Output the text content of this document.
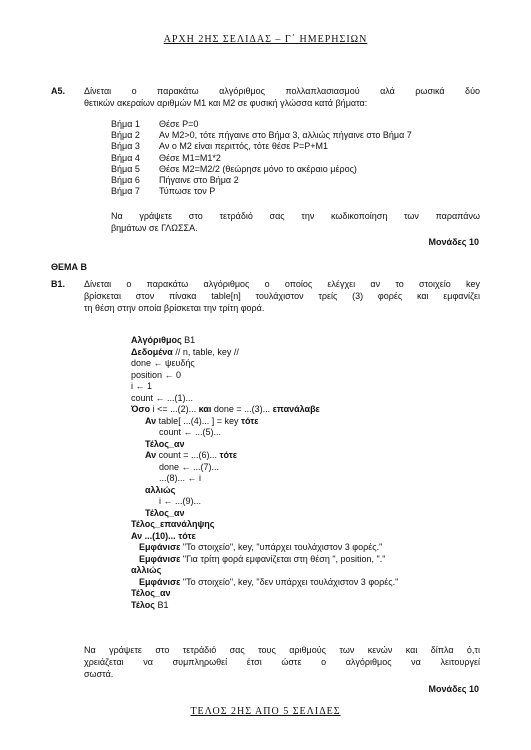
ΑΡΧΗ 2ΗΣ ΣΕΛΙΔΑΣ – Γ΄ ΗΜΕΡΗΣΙΩΝ
A5. Δίνεται ο παρακάτω αλγόριθμος πολλαπλασιασμού αλά ρωσικά δύο
θετικών ακεραίων αριθμών Μ1 και Μ2 σε φυσική γλώσσα κατά βήματα:
Βήμα 1	Θέσε P=0
Βήμα 2	Αν Μ2>0, τότε πήγαινε στο Βήμα 3, αλλιώς πήγαινε στο Βήμα 7
Βήμα 3	Αν ο Μ2 είναι περιττός, τότε θέσε P=P+M1
Βήμα 4	Θέσε Μ1=Μ1*2
Βήμα 5	Θέσε Μ2=Μ2/2 (θεώρησε μόνο το ακέραιο μέρος)
Βήμα 6	Πήγαινε στο Βήμα 2
Βήμα 7	Τύπωσε τον P
Να γράψετε στο τετράδιό σας την κωδικοποίηση των παραπάνω
βημάτων σε ΓΛΩΣΣΑ.
Μονάδες 10
ΘΕΜΑ Β
B1. Δίνεται ο παρακάτω αλγόριθμος ο οποίος ελέγχει αν το στοιχείο key
βρίσκεται στον πίνακα table[n] τουλάχιστον τρείς (3) φορές και εμφανίζει
τη θέση στην οποία βρίσκεται την τρίτη φορά.
Αλγόριθμος B1
Δεδομένα // n, table, key //
done ← ψευδής
position ← 0
i ← 1
count ← ...(1)...
Όσο i <= ...(2)... και done = ...(3)... επανάλαβε
Αν table[ ...(4)... ] = key τότε
count ← ...(5)...
Τέλος_αν
Αν count = ...(6)... τότε
done ← ...(7)...
...(8)... ← i
αλλιώς
i ← ...(9)...
Τέλος_αν
Τέλος_επανάληψης
Αν ...(10)... τότε
Εμφάνισε "Το στοιχείο", key, "υπάρχει τουλάχιστον 3 φορές."
Εμφάνισε "Για τρίτη φορά εμφανίζεται στη θέση ", position, "."
αλλιώς
Εμφάνισε "Το στοιχείο", key, "δεν υπάρχει τουλάχιστον 3 φορές."
Τέλος_αν
Τέλος B1
Να γράψετε στο τετράδιό σας τους αριθμούς των κενών και δίπλα ό,τι
χρειάζεται να συμπληρωθεί έτσι ώστε ο αλγόριθμος να λειτουργεί
σωστά.
Μονάδες 10
ΤΕΛΟΣ 2ΗΣ ΑΠΟ 5 ΣΕΛΙΔΕΣ
